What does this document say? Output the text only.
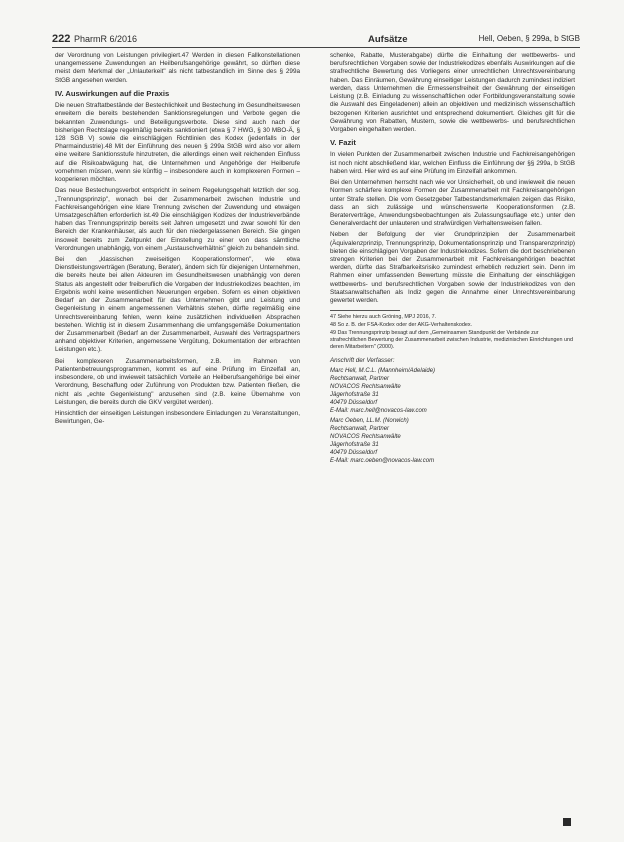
222 PharmR 6/2016	Aufsätze	Hell, Oeben, § 299a, b StGB

der Verordnung von Leistungen privilegiert.47 Werden in diesen Fallkonstellationen unangemessene Zuwendungen an Heilberufsangehörige gewährt, so dürften diese meist dem Merkmal der „Unlauterkeit" als nicht tatbestandlich im Sinne des § 299a StGB angesehen werden.

IV. Auswirkungen auf die Praxis

Die neuen Straftatbestände der Bestechlichkeit und Bestechung im Gesundheitswesen erweitern die bereits bestehenden Sanktionsregelungen und Verbote gegen die bekannten Zuwendungs- und Beteiligungsverbote. Diese sind auch nach der bisherigen Rechtslage regelmäßig bereits sanktioniert (etwa § 7 HWG, § 30 MBO-Ä, § 128 SGB V) sowie die einschlägigen Richtlinien des Kodex (jedenfalls in der Pharmaindustrie).48 Mit der Einführung des neuen § 299a StGB wird also vor allem eine weitere Sanktionsstufe hinzutreten, die allerdings einen weit reichenden Einfluss auf die Risikoabwägung hat, die Unternehmen und Angehörige der Heilberufe vornehmen müssen, wenn sie künftig – insbesondere auch in komplexeren Formen – kooperieren möchten.

Das neue Bestechungsverbot entspricht in seinem Regelungsgehalt letztlich der sog. „Trennungsprinzip", wonach bei der Zusammenarbeit zwischen Industrie und Fachkreisangehörigen eine klare Trennung zwischen der Zuwendung und etwaigen Umsatzgeschäften erforderlich ist.49 Die einschlägigen Kodizes der Industrieverbände haben das Trennungsprinzip bereits seit Jahren umgesetzt und zwar sowohl für den Bereich der Krankenhäuser, als auch für den niedergelassenen Bereich. Sie gingen insoweit bereits zum Zeitpunkt der Einstellung zu einer von dass sämtliche Verordnungen unabhängig, von einem „Austauschverhältnis" gleich zu behandeln sind.

Bei den „klassischen zweiseitigen Kooperationsformen", wie etwa Dienstleistungsverträgen (Beratung, Berater), ändern sich für diejenigen Unternehmen, die bereits heute bei allen Akteuren im Gesundheitswesen unabhängig von deren Status als angestellt oder freiberuflich die Vorgaben der Industriekodizes beachten, im Ergebnis wohl keine wesentlichen Neuerungen ergeben. Sofern es einen objektiven Bedarf an der Zusammenarbeit für das Unternehmen gibt und Leistung und Gegenleistung in einem angemessenen Verhältnis stehen, dürfte regelmäßig eine Unrechtsvereinbarung fehlen, wenn keine zusätzlichen individuellen Absprachen bestehen. Wichtig ist in diesem Zusammenhang die umfangsgemäße Dokumentation der Zusammenarbeit (Bedarf an der Zusammenarbeit, Auswahl des Vertragspartners anhand objektiver Kriterien, angemessene Vergütung, Dokumentation der erbrachten Leistungen etc.).

Bei komplexeren Zusammenarbeitsformen, z.B. im Rahmen von Patientenbetreuungsprogrammen, kommt es auf eine Prüfung im Einzelfall an, insbesondere, ob und inwieweit tatsächlich Vorteile an Heilberufsangehörige bei einer Verordnung, Beschaffung oder Zuführung von Produkten bzw. Patienten fließen, die nicht als „echte Gegenleistung" anzusehen sind (z.B. keine Übernahme von Leistungen, die bereits durch die GKV vergütet werden).

Hinsichtlich der einseitigen Leistungen insbesondere Einladungen zu Veranstaltungen, Bewirtungen, Ge-

schenke, Rabatte, Musterabgabe) dürfte die Einhaltung der wettbewerbs- und berufsrechtlichen Vorgaben sowie der Industriekodizes ebenfalls Auswirkungen auf die strafrechtliche Bewertung des Vorliegens einer unrechtlichen Unrechtsvereinbarung haben. Das Einräumen, Gewährung einseitiger Leistungen dadurch zumindest indiziert werden, dass Unternehmen die Ermessensfreiheit der Gewährung der einseitigen Leistung (z.B. Einladung zu wissenschaftlichen oder Fortbildungsveranstaltung sowie die Auswahl des Eingeladenen) allein an objektiven und medizinisch wissenschaftlich bezogenen Kriterien ausrichtet und entsprechend dokumentiert. Gleiches gilt für die Gewährung von Rabatten, Mustern, sowie die wettbewerbs- und berufsrechtlichen Vorgaben eingehalten werden.

V. Fazit

In vielen Punkten der Zusammenarbeit zwischen Industrie und Fachkreisangehörigen ist noch nicht abschließend klar, welchen Einfluss die Einführung der §§ 299a, b StGB haben wird. Hier wird es auf eine Prüfung im Einzelfall ankommen.

Bei den Unternehmen herrscht nach wie vor Unsicherheit, ob und inwieweit die neuen Normen schärfere komplexe Formen der Zusammenarbeit mit Fachkreisangehörigen unter Strafe stellen. Die vom Gesetzgeber Tatbestandsmerkmalen zeigen das Risiko, dass an sich zulässige und wünschenswerte Kooperationsformen (z.B. Beraterverträge, Anwendungsbeobachtungen als Zulassungsauflage etc.) unter den Generalverdacht der unlauteren und strafwürdigen Verhaltensweisen fallen.

Neben der Befolgung der vier Grundprinzipien der Zusammenarbeit (Äquivalenzprinzip, Trennungsprinzip, Dokumentationsprinzip und Transparenzprinzip) bieten die einschlägigen Vorgaben der Industriekodizes. Sofern die dort beschriebenen strengen Kriterien bei der Zusammenarbeit mit Fachkreisangehörigen beachtet werden, dürfte das Strafbarkeitsrisiko zumindest erheblich reduziert sein. Denn im Rahmen einer umfassenden Bewertung müsste die Einhaltung der einschlägigen wettbewerbs- und berufsrechtlichen Vorgaben sowie der Industriekodizes von den Staatsanwaltschaften als Indiz gegen die Annahme einer Unrechtsvereinbarung gewertet werden.

47 Siehe hierzu auch Gröning, MPJ 2016, 7.
48 So z. B. der FSA-Kodex oder der AKG-Verhaltenskodex.
49 Das Trennungsprinzip besagt auf dem „Gemeinsamen Standpunkt der Verbände zur strafrechtlichen Bewertung der Zusammenarbeit zwischen Industrie, medizinischen Einrichtungen und deren Mitarbeitern" (2000).
Anschrift der Verfasser:
Marc Hell, M.C.L. (Mannheim/Adelaide)
Rechtsanwalt, Partner
NOVACOS Rechtsanwälte
Jägerhofstraße 31
40479 Düsseldorf
E-Mail: marc.hell@novacos-law.com
Marc Oeben, LL.M. (Norwich)
Rechtsanwalt, Partner
NOVACOS Rechtsanwälte
Jägerhofstraße 31
40479 Düsseldorf
E-Mail: marc.oeben@novacos-law.com
